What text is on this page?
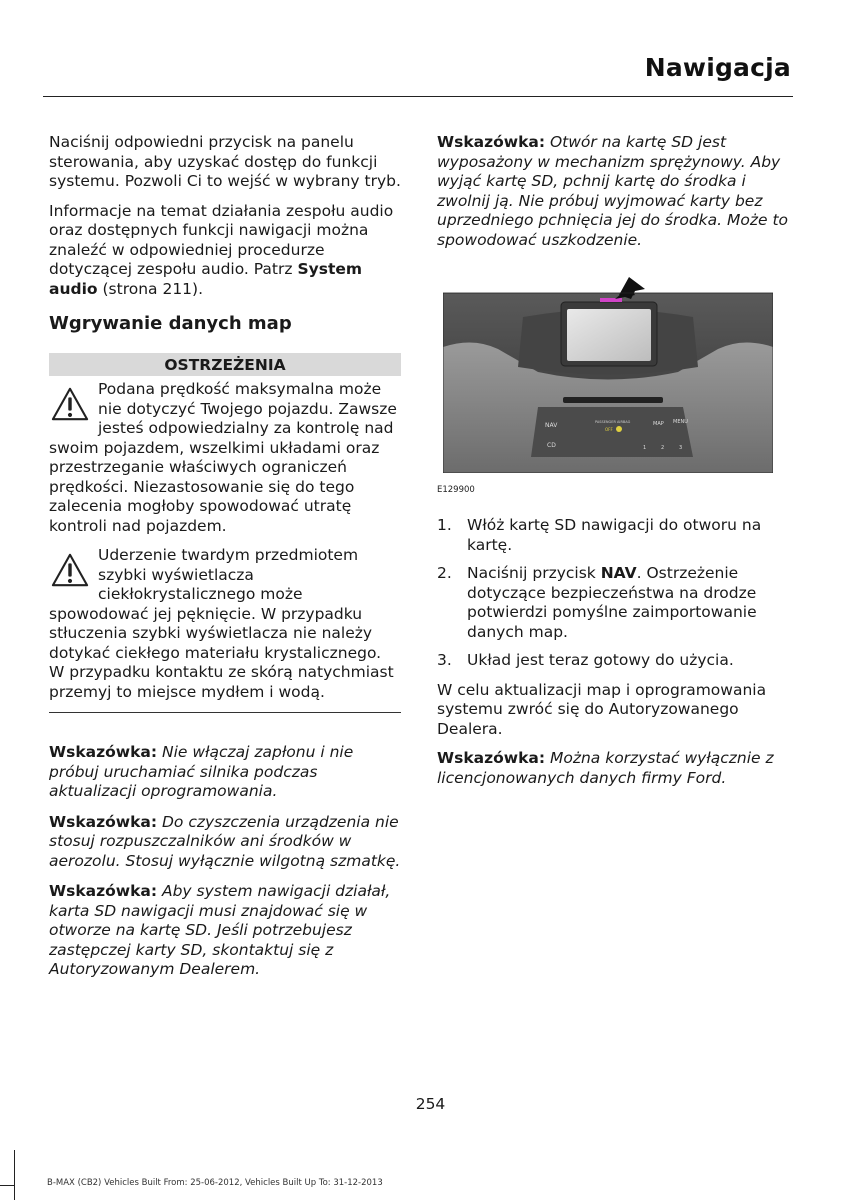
Nawigacja

Naciśnij odpowiedni przycisk na panelu sterowania, aby uzyskać dostęp do funkcji systemu. Pozwoli Ci to wejść w wybrany tryb.

Informacje na temat działania zespołu audio oraz dostępnych funkcji nawigacji można znaleźć w odpowiedniej procedurze dotyczącej zespołu audio. Patrz System audio (strona 211).

Wgrywanie danych map
OSTRZEŻENIA
Podana prędkość maksymalna może nie dotyczyć Twojego pojazdu. Zawsze jesteś odpowiedzialny za kontrolę nad swoim pojazdem, wszelkimi układami oraz przestrzeganie właściwych ograniczeń prędkości. Niezastosowanie się do tego zalecenia mogłoby spowodować utratę kontroli nad pojazdem.
Uderzenie twardym przedmiotem szybki wyświetlacza ciekłokrystalicznego może spowodować jej pęknięcie. W przypadku stłuczenia szybki wyświetlacza nie należy dotykać ciekłego materiału krystalicznego. W przypadku kontaktu ze skórą natychmiast przemyj to miejsce mydłem i wodą.

Wskazówka: Nie włączaj zapłonu i nie próbuj uruchamiać silnika podczas aktualizacji oprogramowania.

Wskazówka: Do czyszczenia urządzenia nie stosuj rozpuszczalników ani środków w aerozolu. Stosuj wyłącznie wilgotną szmatkę.

Wskazówka: Aby system nawigacji działał, karta SD nawigacji musi znajdować się w otworze na kartę SD. Jeśli potrzebujesz zastępczej karty SD, skontaktuj się z Autoryzowanym Dealerem.

Wskazówka: Otwór na kartę SD jest wyposażony w mechanizm sprężynowy. Aby wyjąć kartę SD, pchnij kartę do środka i zwolnij ją. Nie próbuj wyjmować karty bez uprzedniego pchnięcia jej do środka. Może to spowodować uszkodzenie.

NAV
CD
PASSENGER AIRBAG
OFF
MAP MENU
1	2	3
E129900
1. Włóż kartę SD nawigacji do otworu na kartę.
2. Naciśnij przycisk NAV. Ostrzeżenie dotyczące bezpieczeństwa na drodze potwierdzi pomyślne zaimportowanie danych map.
3. Układ jest teraz gotowy do użycia.

W celu aktualizacji map i oprogramowania systemu zwróć się do Autoryzowanego Dealera.

Wskazówka: Można korzystać wyłącznie z licencjonowanych danych firmy Ford.

254
B-MAX (CB2) Vehicles Built From: 25-06-2012, Vehicles Built Up To: 31-12-2013
